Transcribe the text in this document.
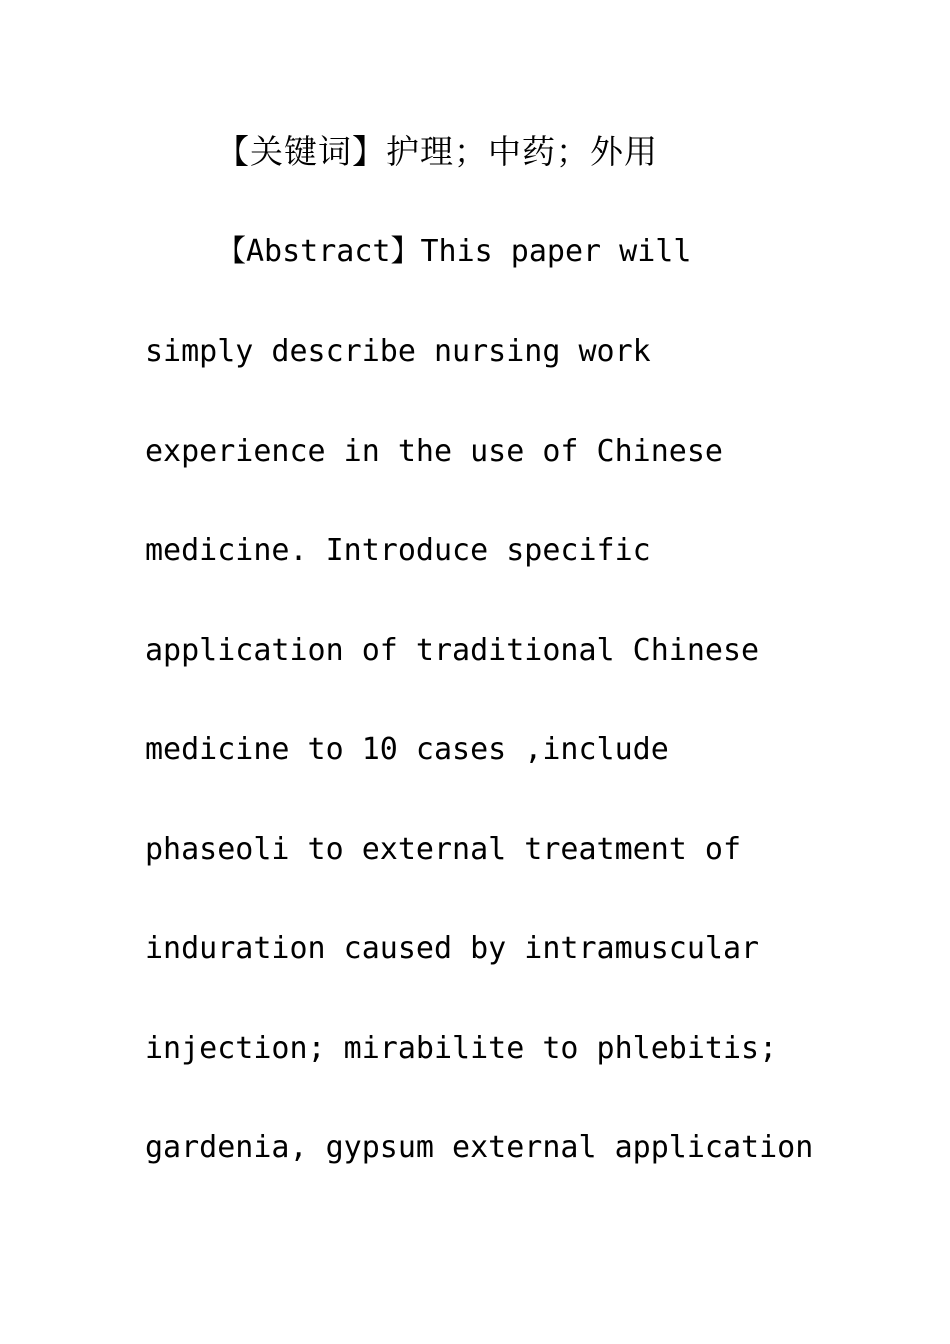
【关键词】护理；中药；外用
【Abstract】This paper will
simply describe nursing work
experience in the use of Chinese
medicine. Introduce specific
application of traditional Chinese
medicine to 10 cases ,include
phaseoli to external treatment of
induration caused by intramuscular
injection; mirabilite to phlebitis;
gardenia, gypsum external application
